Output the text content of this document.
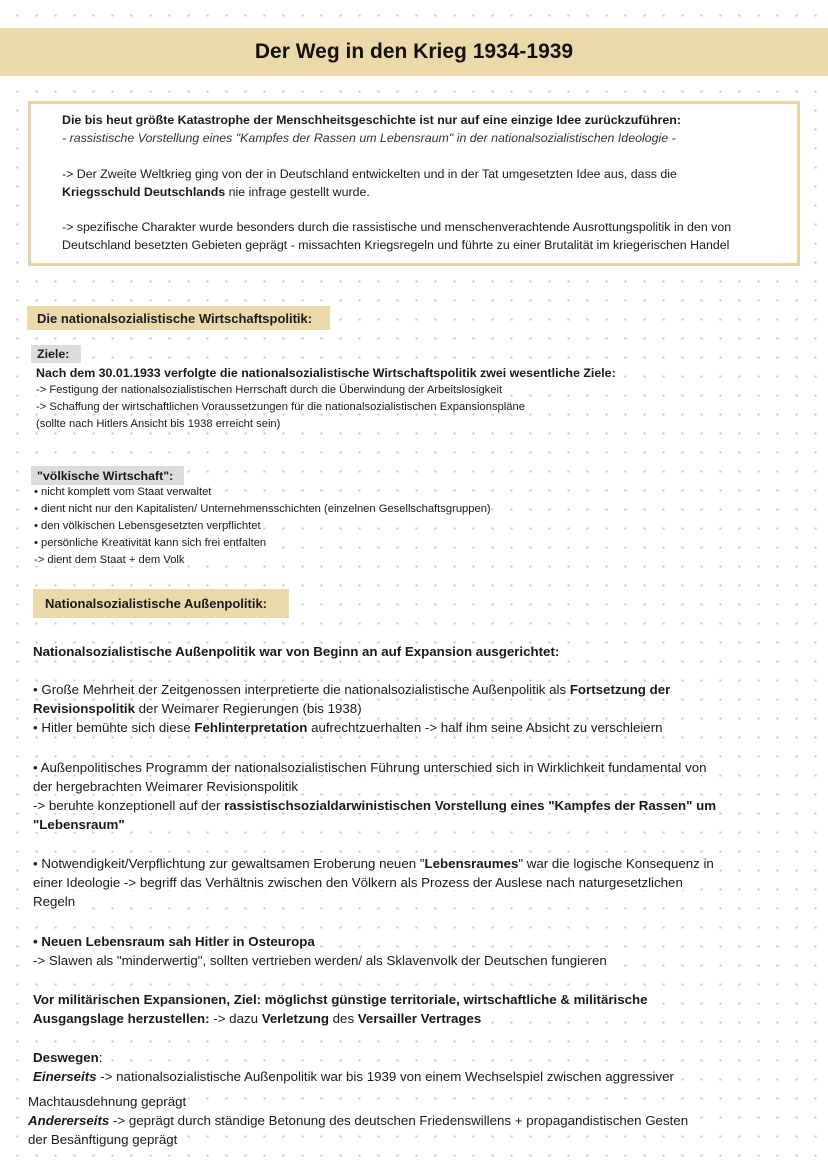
Der Weg in den Krieg 1934-1939
Die bis heut größte Katastrophe der Menschheitsgeschichte ist nur auf eine einzige Idee zurückzuführen:
- rassistische Vorstellung eines "Kampfes der Rassen um Lebensraum" in der nationalsozialistischen Ideologie -
-> Der Zweite Weltkrieg ging von der in Deutschland entwickelten und in der Tat umgesetzten Idee aus, dass die
Kriegsschuld Deutschlands nie infrage gestellt wurde.
-> spezifische Charakter wurde besonders durch die rassistische und menschenverachtende Ausrottungspolitik in den von
Deutschland besetzten Gebieten geprägt - missachten Kriegsregeln und führte zu einer Brutalität im kriegerischen Handel
Die nationalsozialistische Wirtschaftspolitik:
Ziele:
Nach dem 30.01.1933 verfolgte die nationalsozialistische Wirtschaftspolitik zwei wesentliche Ziele:
-> Festigung der nationalsozialistischen Herrschaft durch die Überwindung der Arbeitslosigkeit
-> Schaffung der wirtschaftlichen Voraussetzungen für die nationalsozialistischen Expansionspläne
(sollte nach Hitlers Ansicht bis 1938 erreicht sein)
"völkische Wirtschaft":
• nicht komplett vom Staat verwaltet
• dient nicht nur den Kapitalisten/ Unternehmensschichten (einzelnen Gesellschaftsgruppen)
• den völkischen Lebensgesetzten verpflichtet
• persönliche Kreativität kann sich frei entfalten
-> dient dem Staat + dem Volk
Nationalsozialistische Außenpolitik:
Nationalsozialistische Außenpolitik war von Beginn an auf Expansion ausgerichtet:
• Große Mehrheit der Zeitgenossen interpretierte die nationalsozialistische Außenpolitik als Fortsetzung der
Revisionspolitik der Weimarer Regierungen (bis 1938)
• Hitler bemühte sich diese Fehlinterpretation aufrechtzuerhalten -> half ihm seine Absicht zu verschleiern
• Außenpolitisches Programm der nationalsozialistischen Führung unterschied sich in Wirklichkeit fundamental von
der hergebrachten Weimarer Revisionspolitik
-> beruhte konzeptionell auf der rassistischsozialdarwinistischen Vorstellung eines "Kampfes der Rassen" um
"Lebensraum"
• Notwendigkeit/Verpflichtung zur gewaltsamen Eroberung neuen "Lebensraumes" war die logische Konsequenz in
einer Ideologie -> begriff das Verhältnis zwischen den Völkern als Prozess der Auslese nach naturgesetzlichen
Regeln
• Neuen Lebensraum sah Hitler in Osteuropa
-> Slawen als "minderwertig", sollten vertrieben werden/ als Sklavenvolk der Deutschen fungieren
Vor militärischen Expansionen, Ziel: möglichst günstige territoriale, wirtschaftliche & militärische
Ausgangslage herzustellen: -> dazu Verletzung des Versailler Vertrages
Deswegen:
Einerseits -> nationalsozialistische Außenpolitik war bis 1939 von einem Wechselspiel zwischen aggressiver
Machtausdehnung geprägt
Andererseits -> geprägt durch ständige Betonung des deutschen Friedenswillens + propagandistischen Gesten
der Besänftigung geprägt
